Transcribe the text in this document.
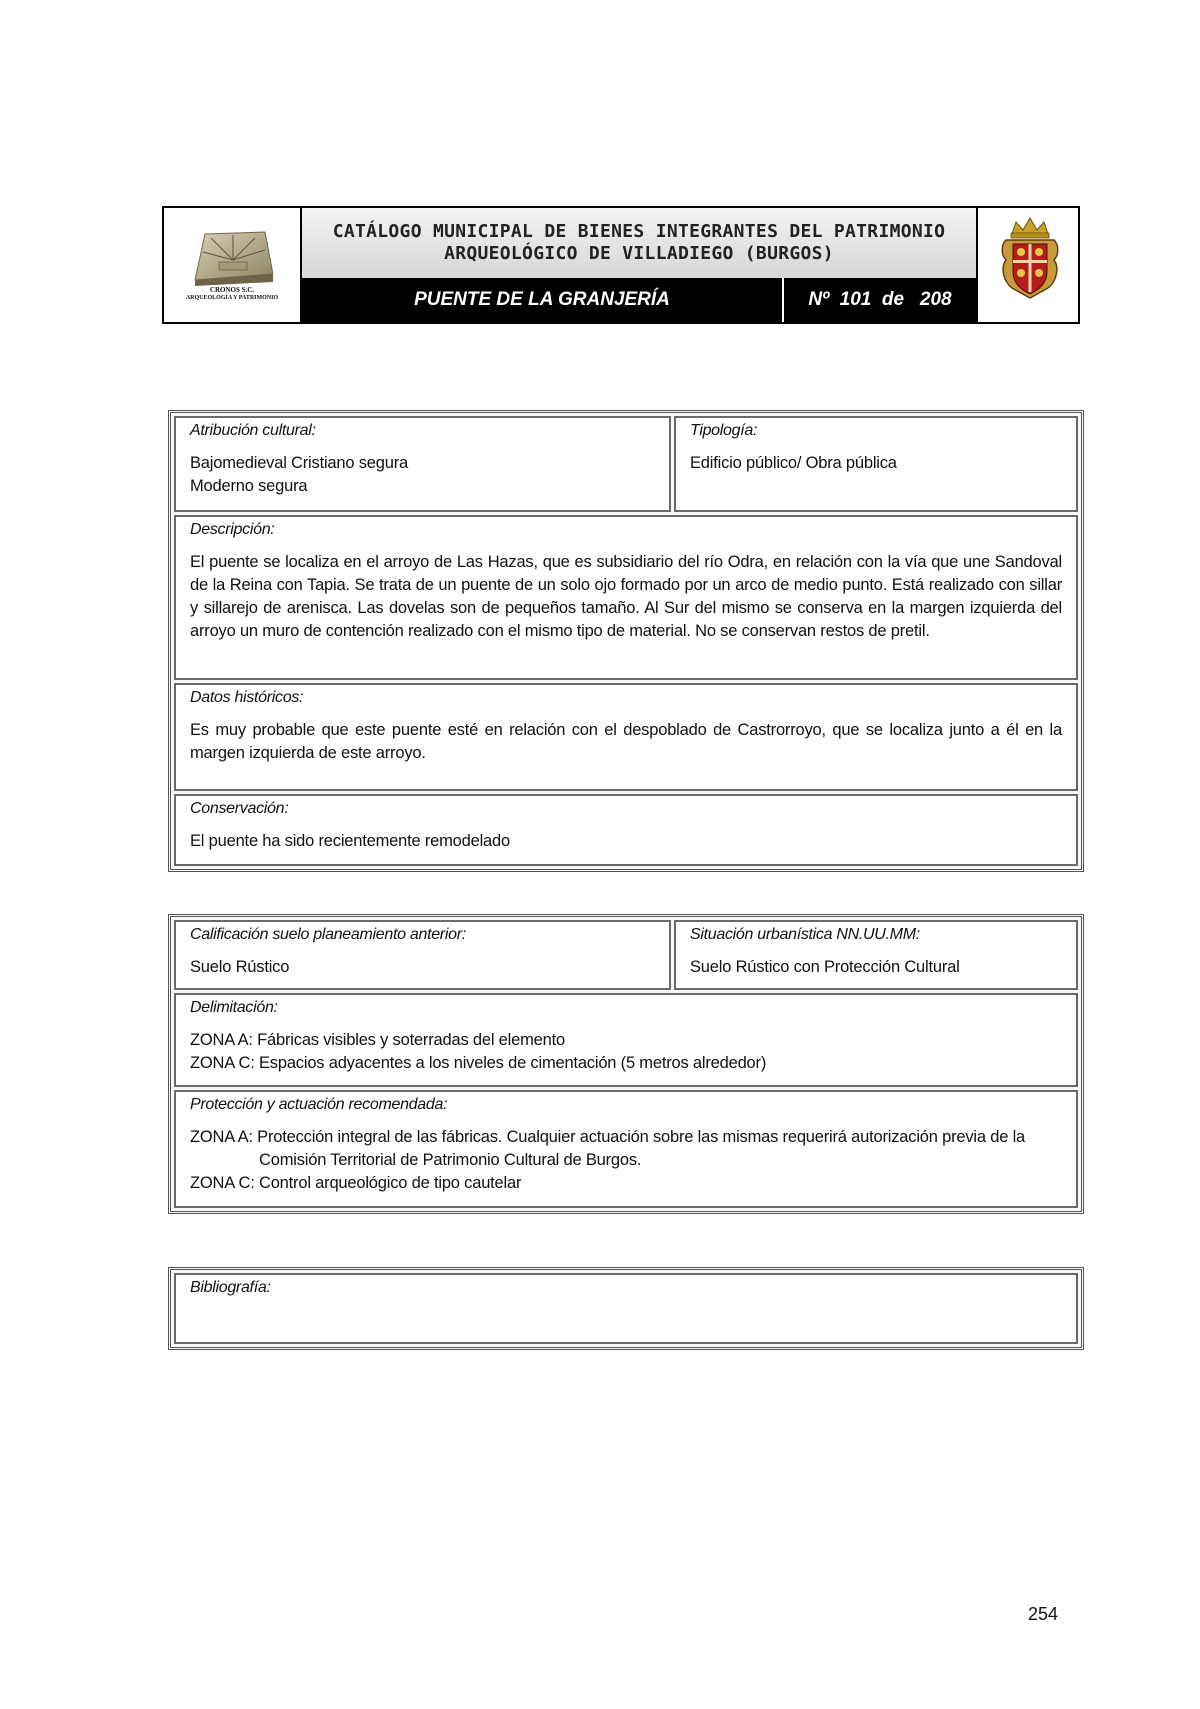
CRONOS S.C.
ARQUEOLOGÍA Y PATRIMONIO
CATÁLOGO MUNICIPAL DE BIENES INTEGRANTES DEL PATRIMONIO
ARQUEOLÓGICO DE VILLADIEGO (BURGOS)
PUENTE DE LA GRANJERÍA	Nº  101  de   208
Atribución cultural:
Bajomedieval Cristiano segura
Moderno segura
Tipología:
Edificio público/ Obra pública
Descripción:
El puente se localiza en el arroyo de Las Hazas, que es subsidiario del río Odra, en relación con la vía que une Sandoval de la Reina con Tapia. Se trata de un puente de un solo ojo formado por un arco de medio punto. Está realizado con sillar y sillarejo de arenisca. Las dovelas son de pequeños tamaño. Al Sur del mismo se conserva en la margen izquierda del arroyo un muro de contención realizado con el mismo tipo de material. No se conservan restos de pretil.
Datos históricos:
Es muy probable que este puente esté en relación con el despoblado de Castrorroyo, que se localiza junto a él en la margen izquierda de este arroyo.
Conservación:
El puente ha sido recientemente remodelado
Calificación suelo planeamiento anterior:
Suelo Rústico
Situación urbanística NN.UU.MM:
Suelo Rústico con Protección Cultural
Delimitación:
ZONA A: Fábricas visibles y soterradas del elemento
ZONA C: Espacios adyacentes a los niveles de cimentación (5 metros alrededor)
Protección y actuación recomendada:
ZONA A: Protección integral de las fábricas. Cualquier actuación sobre las mismas requerirá autorización previa de la Comisión Territorial de Patrimonio Cultural de Burgos.
ZONA C: Control arqueológico de tipo cautelar
Bibliografía:
254
